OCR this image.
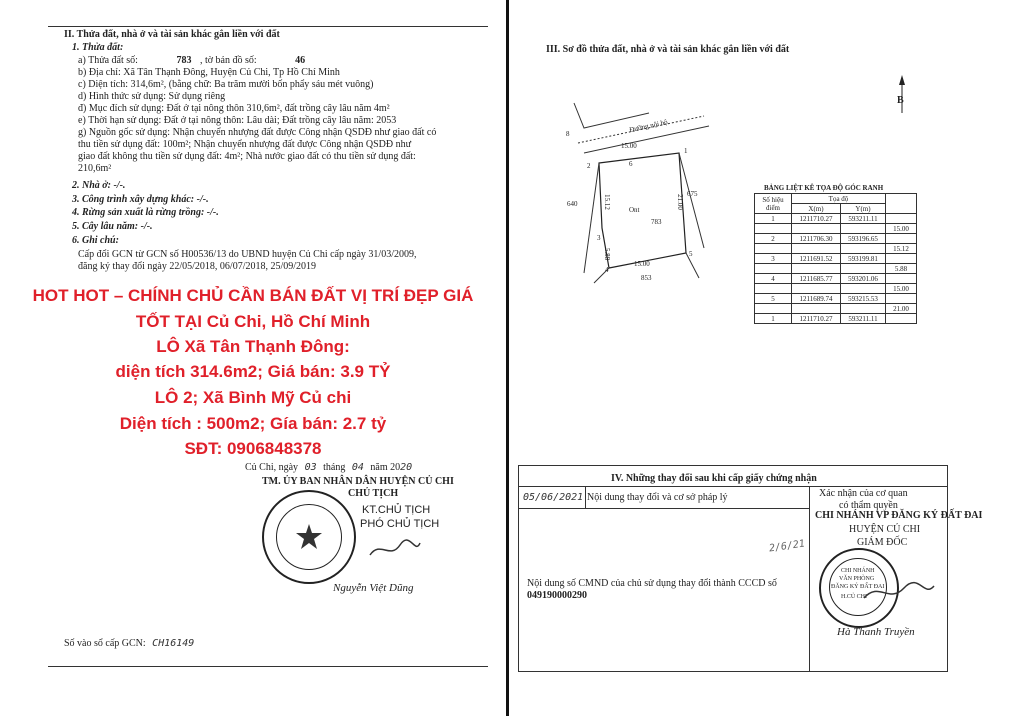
II. Thửa đất, nhà ở và tài sản khác gắn liền với đất
1. Thửa đất:
a) Thửa đất số:	783 , tờ bản đồ số:	46
b) Địa chỉ: Xã Tân Thạnh Đông, Huyện Củ Chi, Tp Hồ Chí Minh
c) Diện tích: 314,6m², (bằng chữ: Ba trăm mười bốn phẩy sáu mét vuông)
d) Hình thức sử dụng: Sử dụng riêng
đ) Mục đích sử dụng: Đất ở tại nông thôn 310,6m², đất trồng cây lâu năm 4m²
e) Thời hạn sử dụng: Đất ở tại nông thôn: Lâu dài; Đất trồng cây lâu năm: 2053
g) Nguồn gốc sử dụng: Nhận chuyển nhượng đất được Công nhận QSDĐ như giao đất có
thu tiền sử dụng đất: 100m²; Nhận chuyển nhượng đất được Công nhận QSDĐ như
giao đất không thu tiền sử dụng đất: 4m²; Nhà nước giao đất có thu tiền sử dụng đất:
210,6m²
2. Nhà ở: -/-.
3. Công trình xây dựng khác: -/-.
4. Rừng sản xuất là rừng trồng: -/-.
5. Cây lâu năm: -/-.
6. Ghi chú:
Cấp đổi GCN từ GCN số H00536/13 do UBND huyện Củ Chi cấp ngày 31/03/2009,
đăng ký thay đổi ngày 22/05/2018, 06/07/2018, 25/09/2019
HOT HOT – CHÍNH CHỦ CẦN BÁN ĐẤT VỊ TRÍ ĐẸP GIÁ
TỐT TẠI Củ Chi, Hồ Chí Minh
LÔ Xã Tân Thạnh Đông:
diện tích 314.6m2; Giá bán: 3.9 TỶ
LÔ 2; Xã Bình Mỹ Củ chi
Diện tích : 500m2; Gía bán: 2.7 tỷ
SĐT: 0906848378
Củ Chi, ngày 03 tháng 04 năm 2020
TM. ỦY BAN NHÂN DÂN HUYỆN CỦ CHI
CHỦ TỊCH
KT.CHỦ TỊCH
PHÓ CHỦ TỊCH
Nguyễn Việt Dũng
Số vào sổ cấp GCN: CH16149
III. Sơ đồ thửa đất, nhà ở và tài sản khác gắn liền với đất
B
Đường nội bộ
15.00
15.12	21.00
5.88
15.00
Ont
783
640
675
853
8
1
2
3
4
5
6
BẢNG LIỆT KÊ TỌA ĐỘ GÓC RANH
Số hiệu điểm	Tọa độ		
	X(m)	Y(m)	
1	1211710.27	593211.11	
			15.00
2	1211706.30	593196.65	
			15.12
3	1211691.52	593199.81	
			5.88
4	1211685.77	593201.06	
			15.00
5	1211689.74	593215.53	
			21.00
1	1211710.27	593211.11	
IV. Những thay đổi sau khi cấp giấy chứng nhận
Nội dung thay đổi và cơ sở pháp lý	Xác nhận của cơ quan
có thẩm quyền
05/06/2021
CHI NHÁNH VP ĐĂNG KÝ ĐẤT ĐAI
HUYỆN CỦ CHI
GIÁM ĐỐC
2/6/21
Nội dung số CMND của chủ sử dụng thay đổi thành CCCD số
049190000290
CHI NHÁNH
VĂN PHÒNG
ĐĂNG KÝ ĐẤT ĐAI
H.CỦ CHI
Hà Thanh Truyền
